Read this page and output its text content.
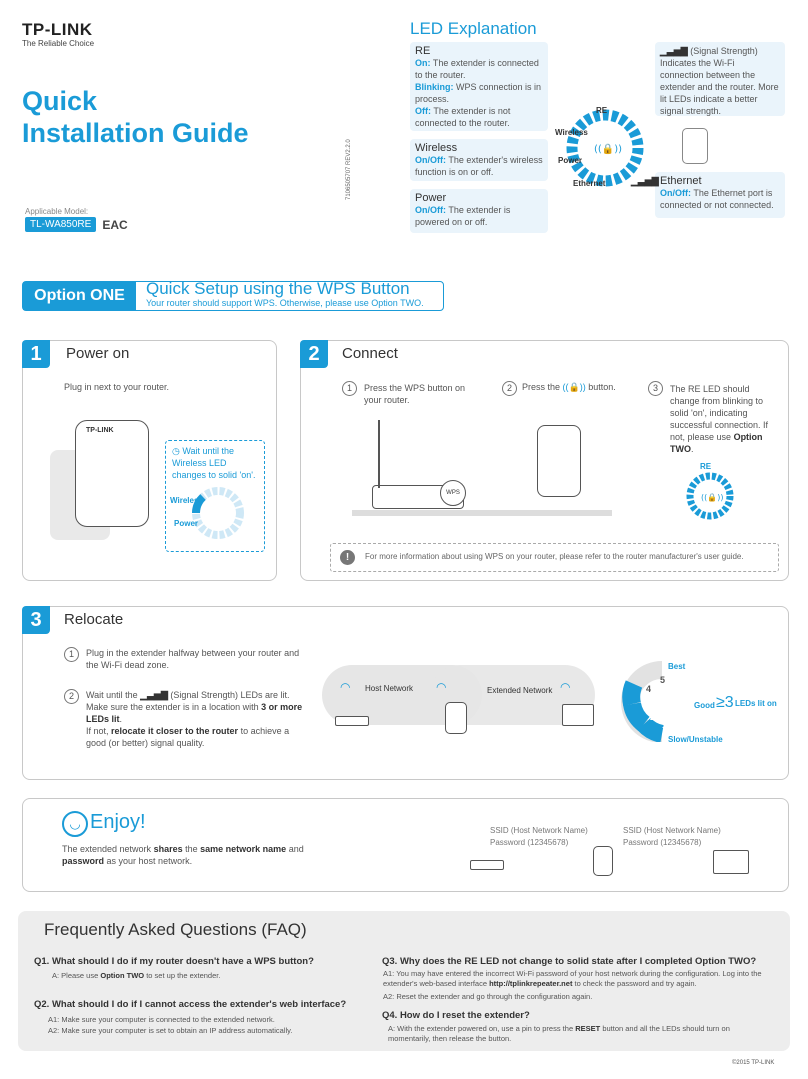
TP-LINK
The Reliable Choice
Quick
Installation Guide
Applicable Model:
TL-WA850RE EAC
7106505707 REV2.2.0
LED Explanation
RE
On: The extender is connected to the router.
Blinking: WPS connection is in process.
Off: The extender is not connected to the router.
Wireless
On/Off: The extender's wireless function is on or off.
Power
On/Off: The extender is powered on or off.
▁▃▅▇ (Signal Strength)
Indicates the Wi-Fi connection between the extender and the router. More lit LEDs indicate a better signal strength.
Ethernet
On/Off: The Ethernet port is connected or not connected.
((🔒))
RE
Wireless
Power
Ethernet	▁▃▅▇
Option ONE	Quick Setup using the WPS Button
Your router should support WPS. Otherwise, please use Option TWO.
1	Power on
Plug in next to your router.
TP-LINK
◷ Wait until the Wireless LED changes to solid 'on'.
Wireless
Power
2	Connect
1	Press the WPS button on your router.
2	Press the ((🔒)) button.	3	The RE LED should change from blinking to solid 'on', indicating successful connection. If not, please use Option TWO.
WPS	((🔒))
RE
!	For more information about using WPS on your router, please refer to the router manufacturer's user guide.
3	Relocate
1	Plug in the extender halfway between your router and the Wi-Fi dead zone.
2	Wait until the ▁▃▅▇ (Signal Strength) LEDs are lit. Make sure the extender is in a location with 3 or more LEDs lit.
If not, relocate it closer to the router to achieve a good (or better) signal quality.
Host Network	Extended Network
◠	◠	◠
1
2
3
4
5
Best
Good
Slow/Unstable
≥3 LEDs lit on
◡ Enjoy!
The extended network shares the same network name and password as your host network.
SSID (Host Network Name)
Password (12345678)
SSID (Host Network Name)
Password (12345678)
Frequently Asked Questions (FAQ)
Q1. What should I do if my router doesn't have a WPS button?
A: Please use Option TWO to set up the extender.
Q2. What should I do if I cannot access the extender's web interface?
A1: Make sure your computer is connected to the extended network.
A2: Make sure your computer is set to obtain an IP address automatically.
Q3. Why does the RE LED not change to solid state after I completed Option TWO?
A1: You may have entered the incorrect Wi-Fi password of your host network during the configuration. Log into the extender's web-based interface http://tplinkrepeater.net to check the password and try again.
A2: Reset the extender and go through the configuration again.
Q4. How do I reset the extender?
A: With the extender powered on, use a pin to press the RESET button and all the LEDs should turn on momentarily, then release the button.
©2015 TP-LINK
